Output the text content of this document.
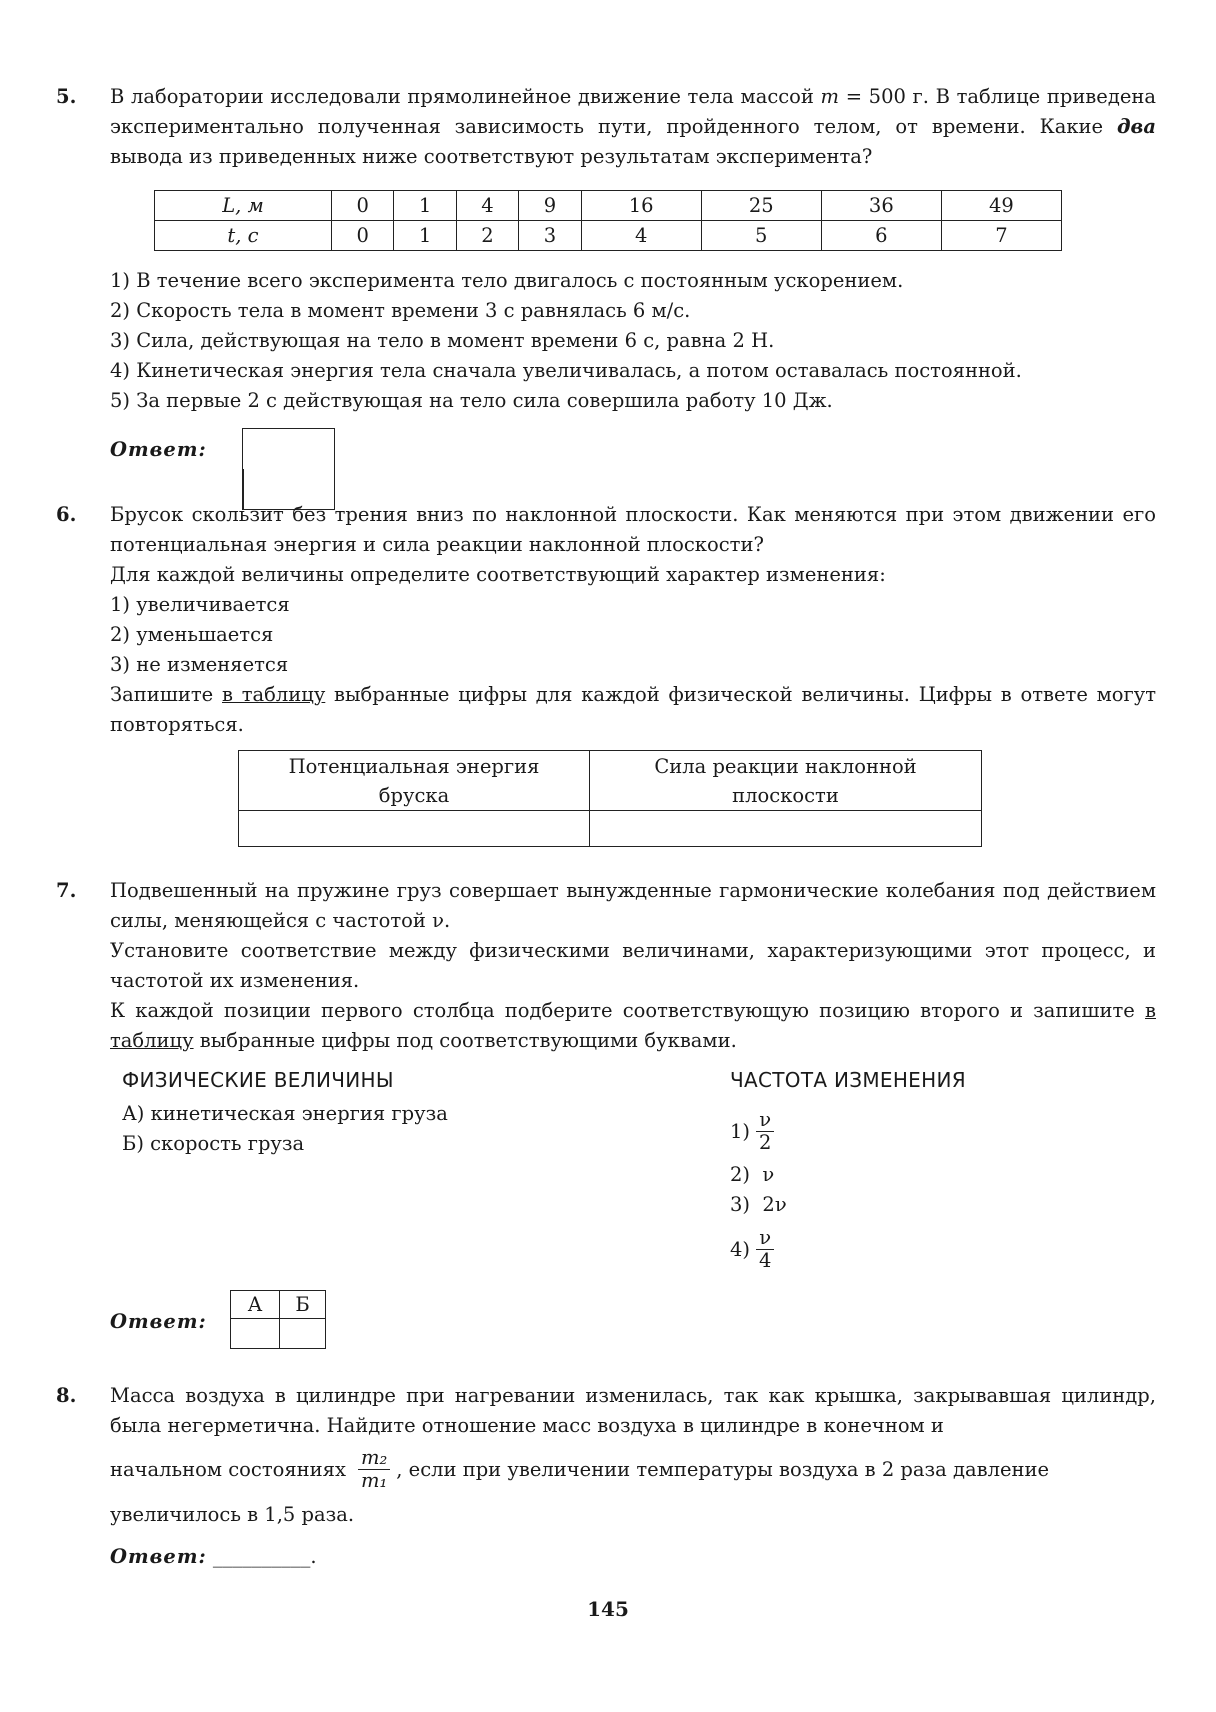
5. В лаборатории исследовали прямолинейное движение тела массой m = 500 г. В таблице приведена экспериментально полученная зависимость пути, пройденного телом, от времени. Какие два вывода из приведенных ниже соответствуют результатам эксперимента?

L, м	0	1	4	9	16	25	36	49
t, с	0	1	2	3	4	5	6	7

1) В течение всего эксперимента тело двигалось с постоянным ускорением.

2) Скорость тела в момент времени 3 с равнялась 6 м/с.

3) Сила, действующая на тело в момент времени 6 с, равна 2 Н.

4) Кинетическая энергия тела сначала увеличивалась, а потом оставалась постоянной.

5) За первые 2 с действующая на тело сила совершила работу 10 Дж.

Ответ:
6. Брусок скользит без трения вниз по наклонной плоскости. Как меняются при этом движении его потенциальная энергия и сила реакции наклонной плоскости?

Для каждой величины определите соответствующий характер изменения:

1) увеличивается

2) уменьшается

3) не изменяется

Запишите в таблицу выбранные цифры для каждой физической величины. Цифры в ответе могут повторяться.

Потенциальная энергия
бруска	Сила реакции наклонной
плоскости

7. Подвешенный на пружине груз совершает вынужденные гармонические колебания под действием силы, меняющейся с частотой ν.

Установите соответствие между физическими величинами, характеризующими этот процесс, и частотой их изменения.

К каждой позиции первого столбца подберите соответствующую позицию второго и запишите в таблицу выбранные цифры под соответствующими буквами.

ФИЗИЧЕСКИЕ ВЕЛИЧИНЫ
А) кинетическая энергия груза
Б) скорость груза
ЧАСТОТА ИЗМЕНЕНИЯ
$1) \frac{\nu}{2}$
2) ν
3) 2ν
$4) \frac{\nu}{4}$
Ответ:
А	Б

8. Масса воздуха в цилиндре при нагревании изменилась, так как крышка, закрывавшая цилиндр, была негерметична. Найдите отношение масс воздуха в цилиндре в конечном и

начальном состояниях $\frac{\text{m₂}}{\text{m₁}}$ , если при увеличении температуры воздуха в 2 раза давление

увеличилось в 1,5 раза.

Ответ: __________.

145
